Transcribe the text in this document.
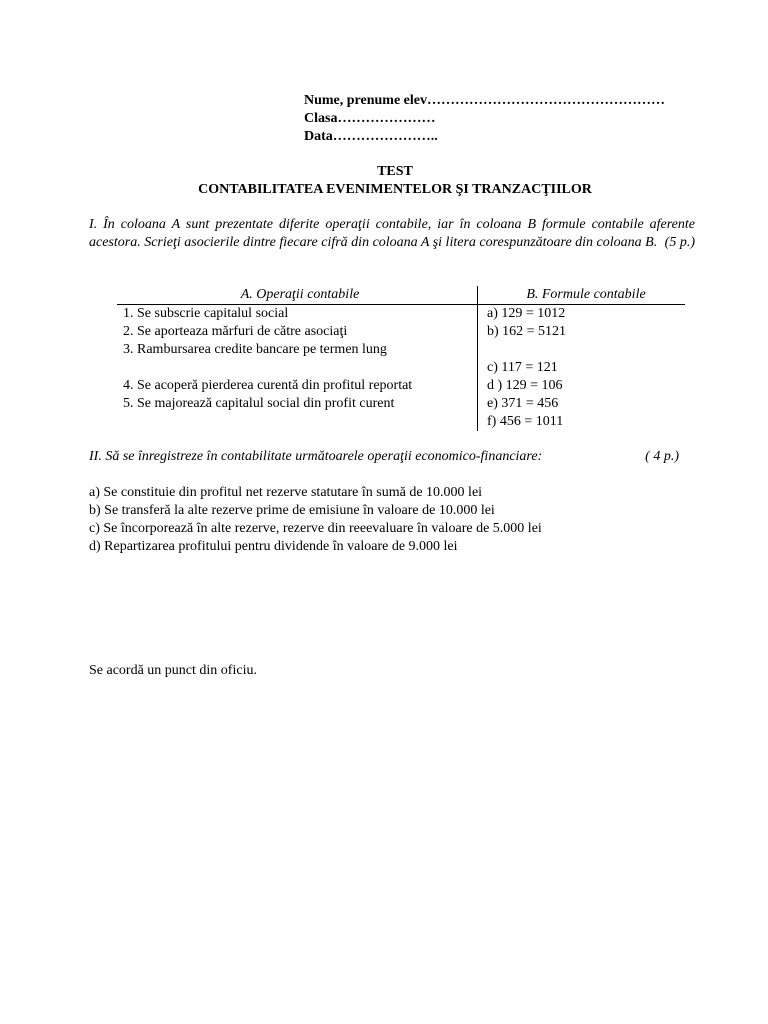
Nume, prenume elev……………………………………………
Clasa…………………
Data…………………..
TEST
CONTABILITATEA EVENIMENTELOR ŞI TRANZACŢIILOR
I. În coloana A sunt prezentate diferite operaţii contabile, iar în coloana B formule contabile aferente acestora. Scrieţi asocierile dintre fiecare cifră din coloana A şi litera corespunzătoare din coloana B. (5 p.)
A. Operaţii contabile	B. Formule contabile
1. Se subscrie capitalul social	a) 129 = 1012
2. Se aporteaza mărfuri de către asociaţi	b) 162 = 5121
3. Rambursarea credite bancare pe termen lung	
	c) 117 = 121
4. Se acoperă pierderea curentă din profitul reportat	d ) 129 = 106
5. Se majorează capitalul social din profit curent	e) 371 = 456
	f) 456 = 1011
II. Să se înregistreze în contabilitate următoarele operaţii economico-financiare:	( 4 p.)
a) Se constituie din profitul net rezerve statutare în sumă de 10.000 lei
b) Se transferă la alte rezerve prime de emisiune în valoare de 10.000 lei
c) Se încorporează în alte rezerve, rezerve din reeevaluare în valoare de 5.000 lei
d) Repartizarea profitului pentru dividende în valoare de 9.000 lei
Se acordă un punct din oficiu.
